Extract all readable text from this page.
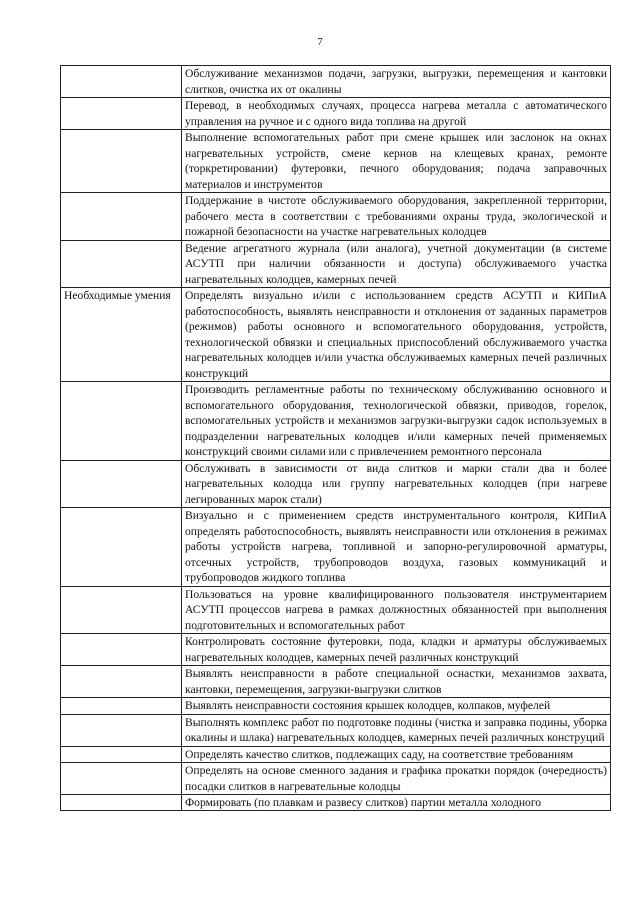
7
	Обслуживание механизмов подачи, загрузки, выгрузки, перемещения и кантовки слитков, очистка их от окалины
	Перевод, в необходимых случаях, процесса нагрева металла с автоматического управления на ручное и с одного вида топлива на другой
	Выполнение вспомогательных работ при смене крышек или заслонок на окнах нагревательных устройств, смене кернов на клещевых кранах, ремонте (торкретировании) футеровки, печного оборудования; подача заправочных материалов и инструментов
	Поддержание в чистоте обслуживаемого оборудования, закрепленной территории, рабочего места в соответствии с требованиями охраны труда, экологической и пожарной безопасности на участке нагревательных колодцев
	Ведение агрегатного журнала (или аналога), учетной документации (в системе АСУТП при наличии обязанности и доступа) обслуживаемого участка нагревательных колодцев, камерных печей
Необходимые умения	Определять визуально и/или с использованием средств АСУТП и КИПиА работоспособность, выявлять неисправности и отклонения от заданных параметров (режимов) работы основного и вспомогательного оборудования, устройств, технологической обвязки и специальных приспособлений обслуживаемого участка нагревательных колодцев и/или участка обслуживаемых камерных печей различных конструкций
	Производить регламентные работы по техническому обслуживанию основного и вспомогательного оборудования, технологической обвязки, приводов, горелок, вспомогательных устройств и механизмов загрузки-выгрузки садок используемых в подразделении нагревательных колодцев и/или камерных печей применяемых конструкций своими силами или с привлечением ремонтного персонала
	Обслуживать в зависимости от вида слитков и марки стали два и более нагревательных колодца или группу нагревательных колодцев (при нагреве легированных марок стали)
	Визуально и с применением средств инструментального контроля, КИПиА определять работоспособность, выявлять неисправности или отклонения в режимах работы устройств нагрева, топливной и запорно-регулировочной арматуры, отсечных устройств, трубопроводов воздуха, газовых коммуникаций и трубопроводов жидкого топлива
	Пользоваться на уровне квалифицированного пользователя инструментарием АСУТП процессов нагрева в рамках должностных обязанностей при выполнения подготовительных и вспомогательных работ
	Контролировать состояние футеровки, пода, кладки и арматуры обслуживаемых нагревательных колодцев, камерных печей различных конструкций
	Выявлять неисправности в работе специальной оснастки, механизмов захвата, кантовки, перемещения, загрузки-выгрузки слитков
	Выявлять неисправности состояния крышек колодцев, колпаков, муфелей
	Выполнять комплекс работ по подготовке подины (чистка и заправка подины, уборка окалины и шлака) нагревательных колодцев, камерных печей различных констpуций
	Определять качество слитков, подлежащих саду, на соответствие требованиям
	Определять на основе сменного задания и графика прокатки порядок (очередность) посадки слитков в нагревательные колодцы

	Формировать (по плавкам и развесу слитков) партии металла холодного
